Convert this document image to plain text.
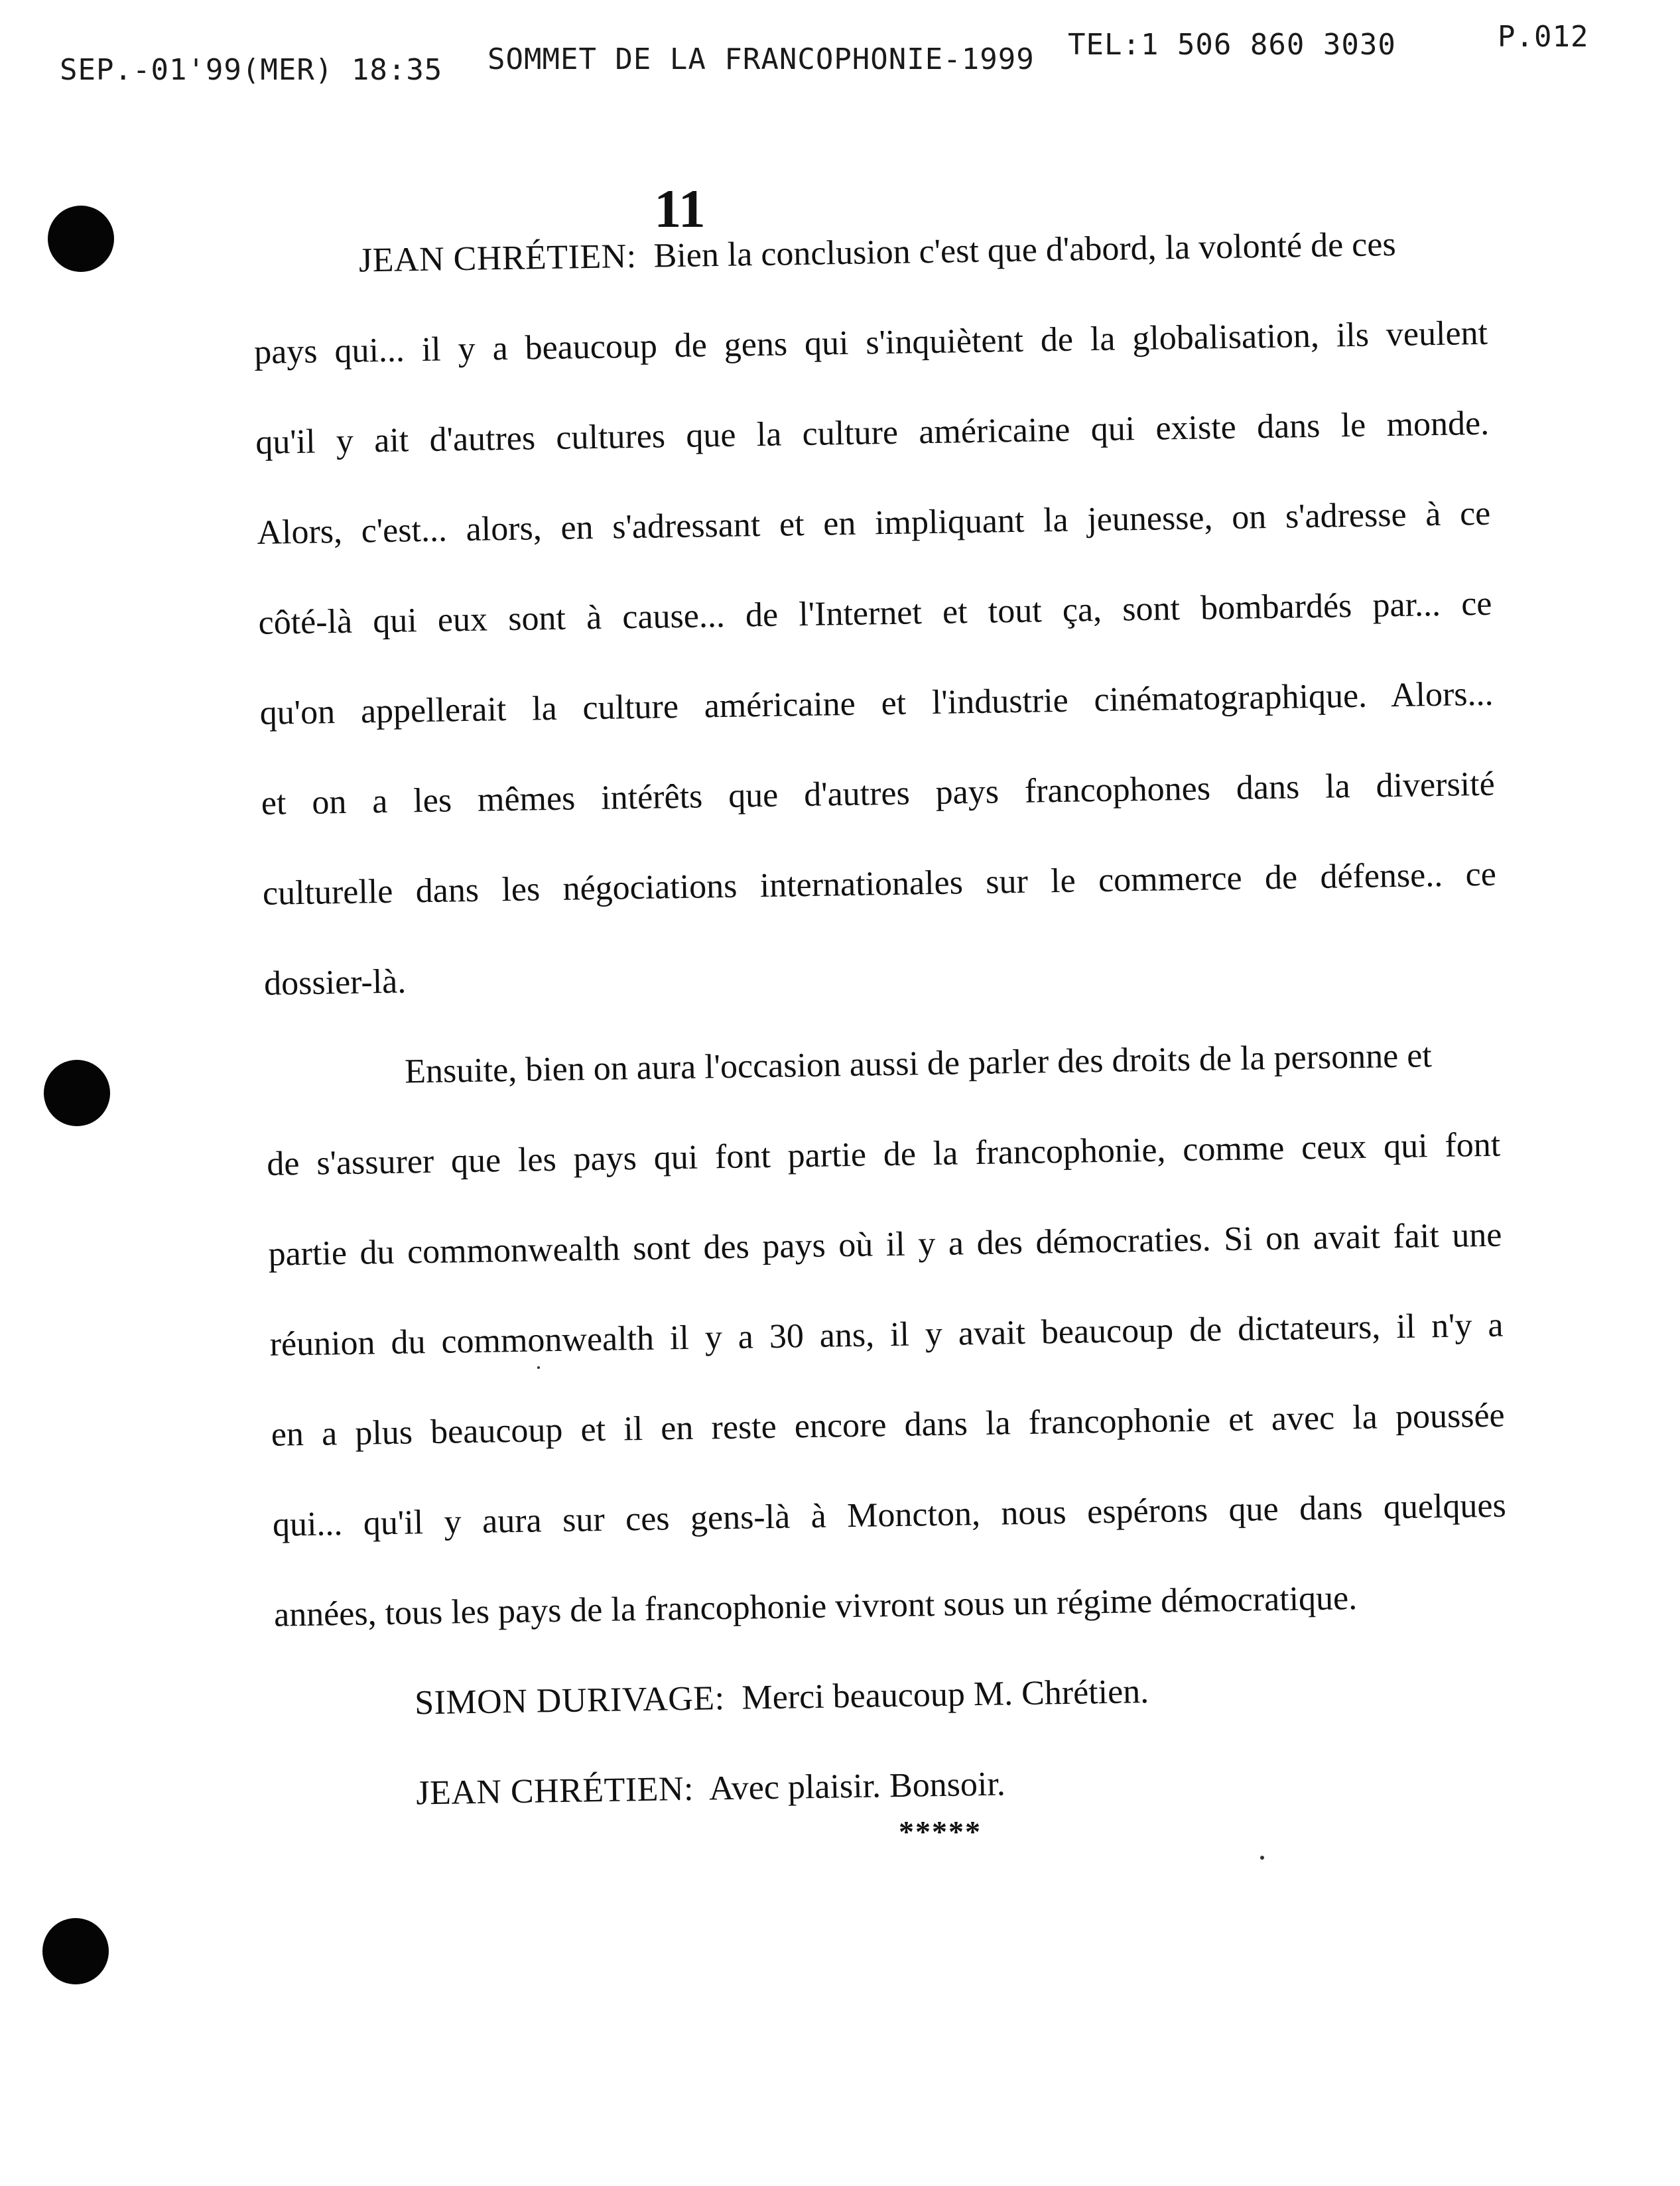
SEP.-01'99(MER) 18:35 SOMMET DE LA FRANCOPHONIE-1999 TEL:1 506 860 3030	P.012
11
JEAN CHRÉTIEN: Bien la conclusion c'est que d'abord, la volonté de ces
pays qui... il y a beaucoup de gens qui s'inquiètent de la globalisation, ils veulent
qu'il y ait d'autres cultures que la culture américaine qui existe dans le monde.
Alors, c'est... alors, en s'adressant et en impliquant la jeunesse, on s'adresse à ce
côté-là qui eux sont à cause... de l'Internet et tout ça, sont bombardés par... ce
qu'on appellerait la culture américaine et l'industrie cinématographique. Alors...
et on a les mêmes intérêts que d'autres pays francophones dans la diversité
culturelle dans les négociations internationales sur le commerce de défense.. ce
dossier-là.
Ensuite, bien on aura l'occasion aussi de parler des droits de la personne et
de s'assurer que les pays qui font partie de la francophonie, comme ceux qui font
partie du commonwealth sont des pays où il y a des démocraties. Si on avait fait une
réunion du commonwealth il y a 30 ans, il y avait beaucoup de dictateurs, il n'y a
en a plus beaucoup et il en reste encore dans la francophonie et avec la poussée
qui... qu'il y aura sur ces gens-là à Moncton, nous espérons que dans quelques
années, tous les pays de la francophonie vivront sous un régime démocratique.
SIMON DURIVAGE: Merci beaucoup M. Chrétien.
JEAN CHRÉTIEN: Avec plaisir. Bonsoir.
*****
